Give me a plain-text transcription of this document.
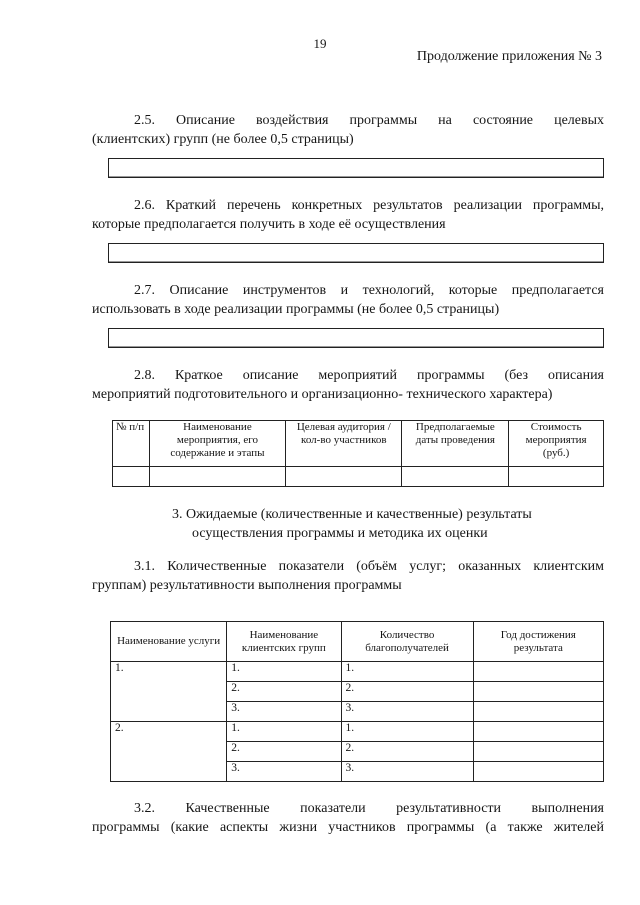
19
Продолжение приложения № 3
2.5. Описание воздействия программы на состояние целевых
(клиентских) групп (не более 0,5 страницы)
2.6. Краткий перечень конкретных результатов реализации программы,
которые предполагается получить в ходе её осуществления
2.7. Описание инструментов и технологий, которые предполагается
использовать в ходе реализации программы (не более 0,5 страницы)
2.8. Краткое описание мероприятий программы (без описания
мероприятий подготовительного и организационно- технического характера)
№ п/п	Наименование мероприятия, его содержание и этапы	Целевая аудитория / кол-во участников	Предполагаемые даты проведения	Стоимость мероприятия (руб.)

3. Ожидаемые (количественные и качественные) результаты
осуществления программы и методика их оценки
3.1. Количественные показатели (объём услуг; оказанных клиентским
группам) результативности выполнения программы
Наименование услуги	Наименование клиентских групп	Количество благополучателей	Год достижения результата
1.	1.	1.	
	2.	2.	
	3.	3.	
2.	1.	1.	
	2.	2.	
	3.	3.	
3.2. Качественные показатели результативности выполнения
программы (какие аспекты жизни участников программы (а также жителей
